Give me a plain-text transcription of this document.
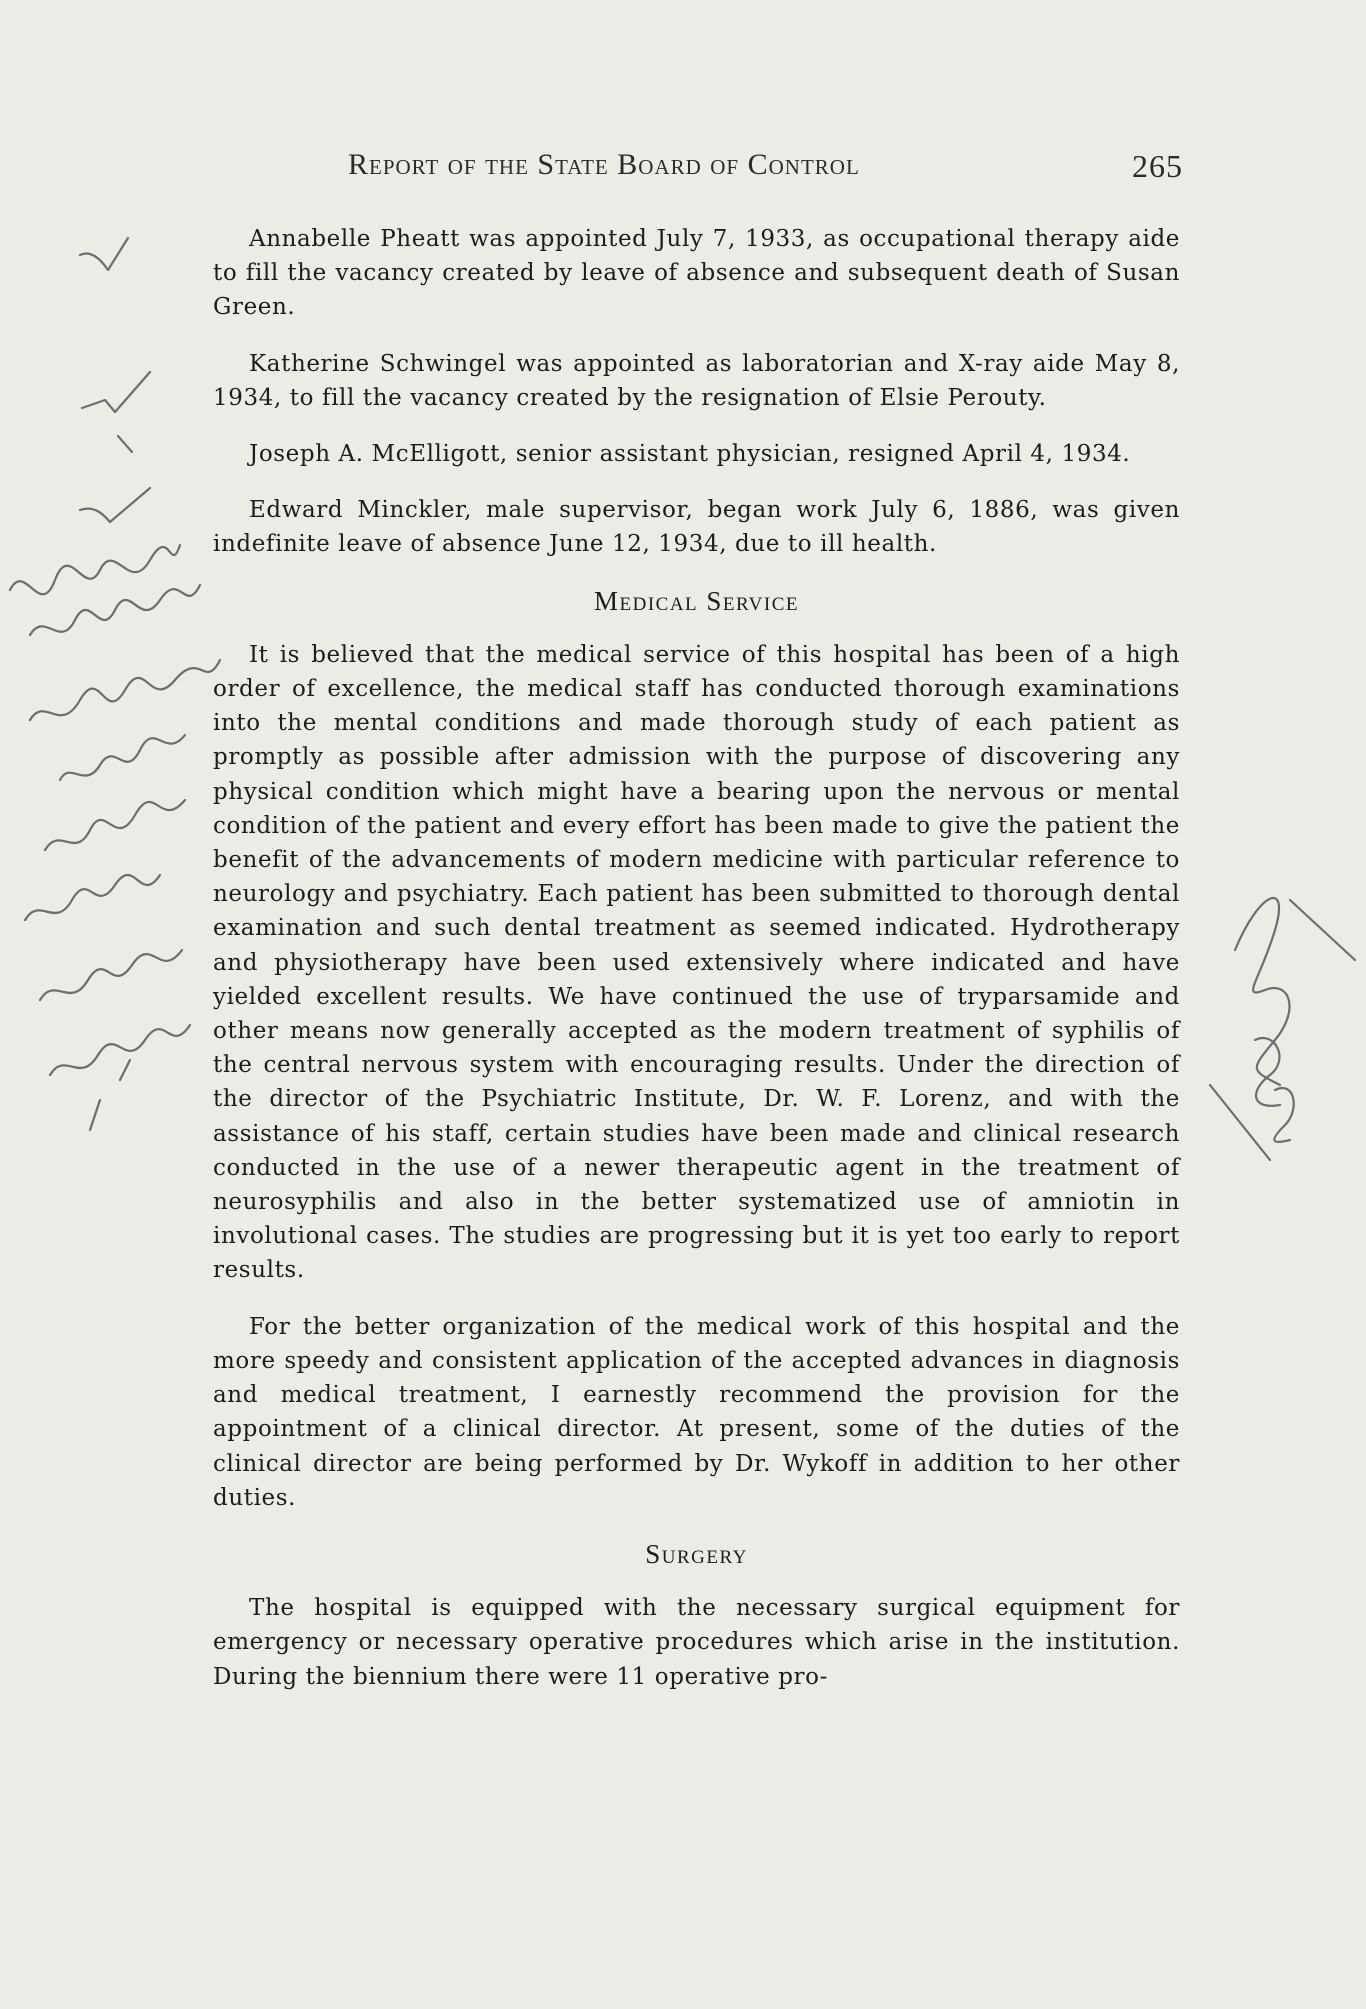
Report of the State Board of Control	265

Annabelle Pheatt was appointed July 7, 1933, as occupational therapy aide to fill the vacancy created by leave of absence and subsequent death of Susan Green.

Katherine Schwingel was appointed as laboratorian and X-ray aide May 8, 1934, to fill the vacancy created by the resignation of Elsie Perouty.

Joseph A. McElligott, senior assistant physician, resigned April 4, 1934.

Edward Minckler, male supervisor, began work July 6, 1886, was given indefinite leave of absence June 12, 1934, due to ill health.

Medical Service

It is believed that the medical service of this hospital has been of a high order of excellence, the medical staff has conducted thorough examinations into the mental conditions and made thorough study of each patient as promptly as possible after admission with the purpose of discovering any physical condition which might have a bearing upon the nervous or mental condition of the patient and every effort has been made to give the patient the benefit of the advancements of modern medicine with particular reference to neurology and psychiatry. Each patient has been submitted to thorough dental examination and such dental treatment as seemed indicated. Hydrotherapy and physiotherapy have been used extensively where indicated and have yielded excellent results. We have continued the use of tryparsamide and other means now generally accepted as the modern treatment of syphilis of the central nervous system with encouraging results. Under the direction of the director of the Psychiatric Institute, Dr. W. F. Lorenz, and with the assistance of his staff, certain studies have been made and clinical research conducted in the use of a newer therapeutic agent in the treatment of neurosyphilis and also in the better systematized use of amniotin in involutional cases. The studies are progressing but it is yet too early to report results.

For the better organization of the medical work of this hospital and the more speedy and consistent application of the accepted advances in diagnosis and medical treatment, I earnestly recommend the provision for the appointment of a clinical director. At present, some of the duties of the clinical director are being performed by Dr. Wykoff in addition to her other duties.

Surgery

The hospital is equipped with the necessary surgical equipment for emergency or necessary operative procedures which arise in the institution. During the biennium there were 11 operative pro-
